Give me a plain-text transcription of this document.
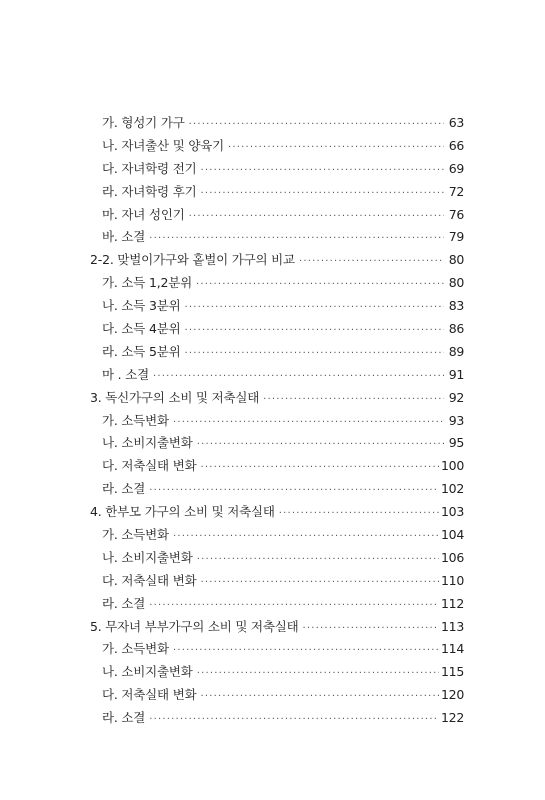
가. 형성기 가구 ·····	63
나. 자녀출산 및 양육기 ·····	66
다. 자녀학령 전기 ·····	69
라. 자녀학령 후기 ·····	72
마. 자녀 성인기 ·····	76
바. 소결 ·····	79
2-2. 맞벌이가구와 홑벌이 가구의 비교 ·····	80
가. 소득 1,2분위 ·····	80
나. 소득 3분위 ·····	83
다. 소득 4분위 ·····	86
라. 소득 5분위 ·····	89
마 . 소결 ·····	91
3. 독신가구의 소비 및 저축실태 ·····	92
가. 소득변화 ·····	93
나. 소비지출변화 ·····	95
다. 저축실태 변화 ·····	100
라. 소결 ·····	102
4. 한부모 가구의 소비 및 저축실태 ·····	103
가. 소득변화 ·····	104
나. 소비지출변화 ·····	106
다. 저축실태 변화 ·····	110
라. 소결 ·····	112
5. 무자녀 부부가구의 소비 및 저축실태 ·····	113
가. 소득변화 ·····	114
나. 소비지출변화 ·····	115
다. 저축실태 변화 ·····	120
라. 소결 ·····	122
